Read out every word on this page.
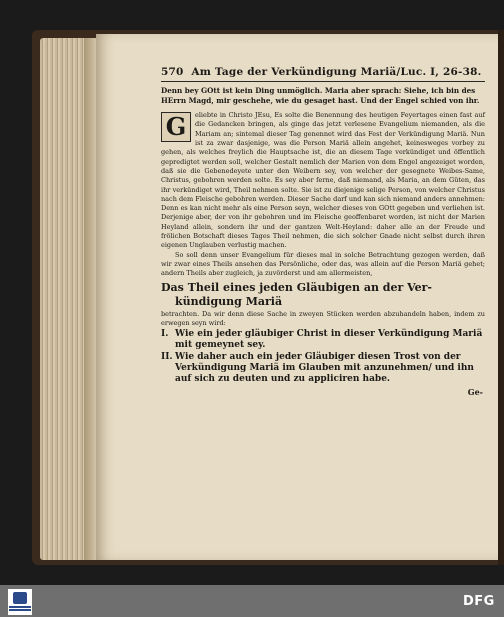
570 Am Tage der Verkündigung Mariä/Luc. I, 26-38.
Denn bey GOtt ist kein Ding unmöglich. Maria aber sprach: Siehe, ich bin des HErrn Magd, mir geschehe, wie du gesaget hast. Und der Engel schied von ihr.
G	eliebte in Christo JEsu, Es solte die Benennung des heutigen Feyertages einen fast auf die Gedancken bringen, als ginge das jetzt verlesene Evangelium niemanden, als die Mariam an; sintemal dieser Tag genennet wird das Fest der Verkündigung Mariä. Nun ist za zwar dasjenige, was die Person Mariä allein angehet, keinesweges vorbey zu gehen, als welches freylich die Hauptsache ist, die an diesem Tage verkündiget und öffentlich gepredigtet werden soll, welcher Gestalt nemlich der Marien von dem Engel angezeiget worden, daß sie die Gebenedeyete unter den Weibern sey, von welcher der gesegnete Weibes-Same, Christus, gebohren werden solte. Es sey aber ferne, daß niemand, als Maria, an dem Güten, das ihr verkündiget wird, Theil nehmen solte. Sie ist zu diejenige selige Person, von welcher Christus nach dem Fleische gebohren werden. Dieser Sache darf und kan sich niemand anders annehmen: Denn es kan nicht mehr als eine Person seyn, welcher dieses von GOtt gegeben und verliehen ist. Derjenige aber, der von ihr gebohren und im Fleische geoffenbaret worden, ist nicht der Marien Heyland allein, sondern ihr und der gantzen Welt-Heyland: daher alle an der Freude und frölichen Botschaft dieses Tages Theil nehmen, die sich solcher Gnade nicht selbst durch ihren eigenen Unglauben verlustig machen.
So soll denn unser Evangelium für dieses mal in solche Betrachtung gezogen werden, daß wir zwar eines Theils ansehen das Persönliche, oder das, was allein auf die Person Mariä gehet; andern Theils aber zugleich, ja zuvörderst und am allermeisten,
Das Theil eines jeden Gläubigen an der Ver-
kündigung Mariä
betrachten. Da wir denn diese Sache in zweyen Stücken werden abzuhandeln haben, indem zu erwegen seyn wird:
I. Wie ein jeder gläubiger Christ in dieser Verkündigung Mariä mit gemeynet sey.
II. Wie daher auch ein jeder Gläubiger diesen Trost von der Verkündigung Mariä im Glauben mit anzunehmen/ und ihn auf sich zu deuten und zu appliciren habe.
Ge-
DFG
